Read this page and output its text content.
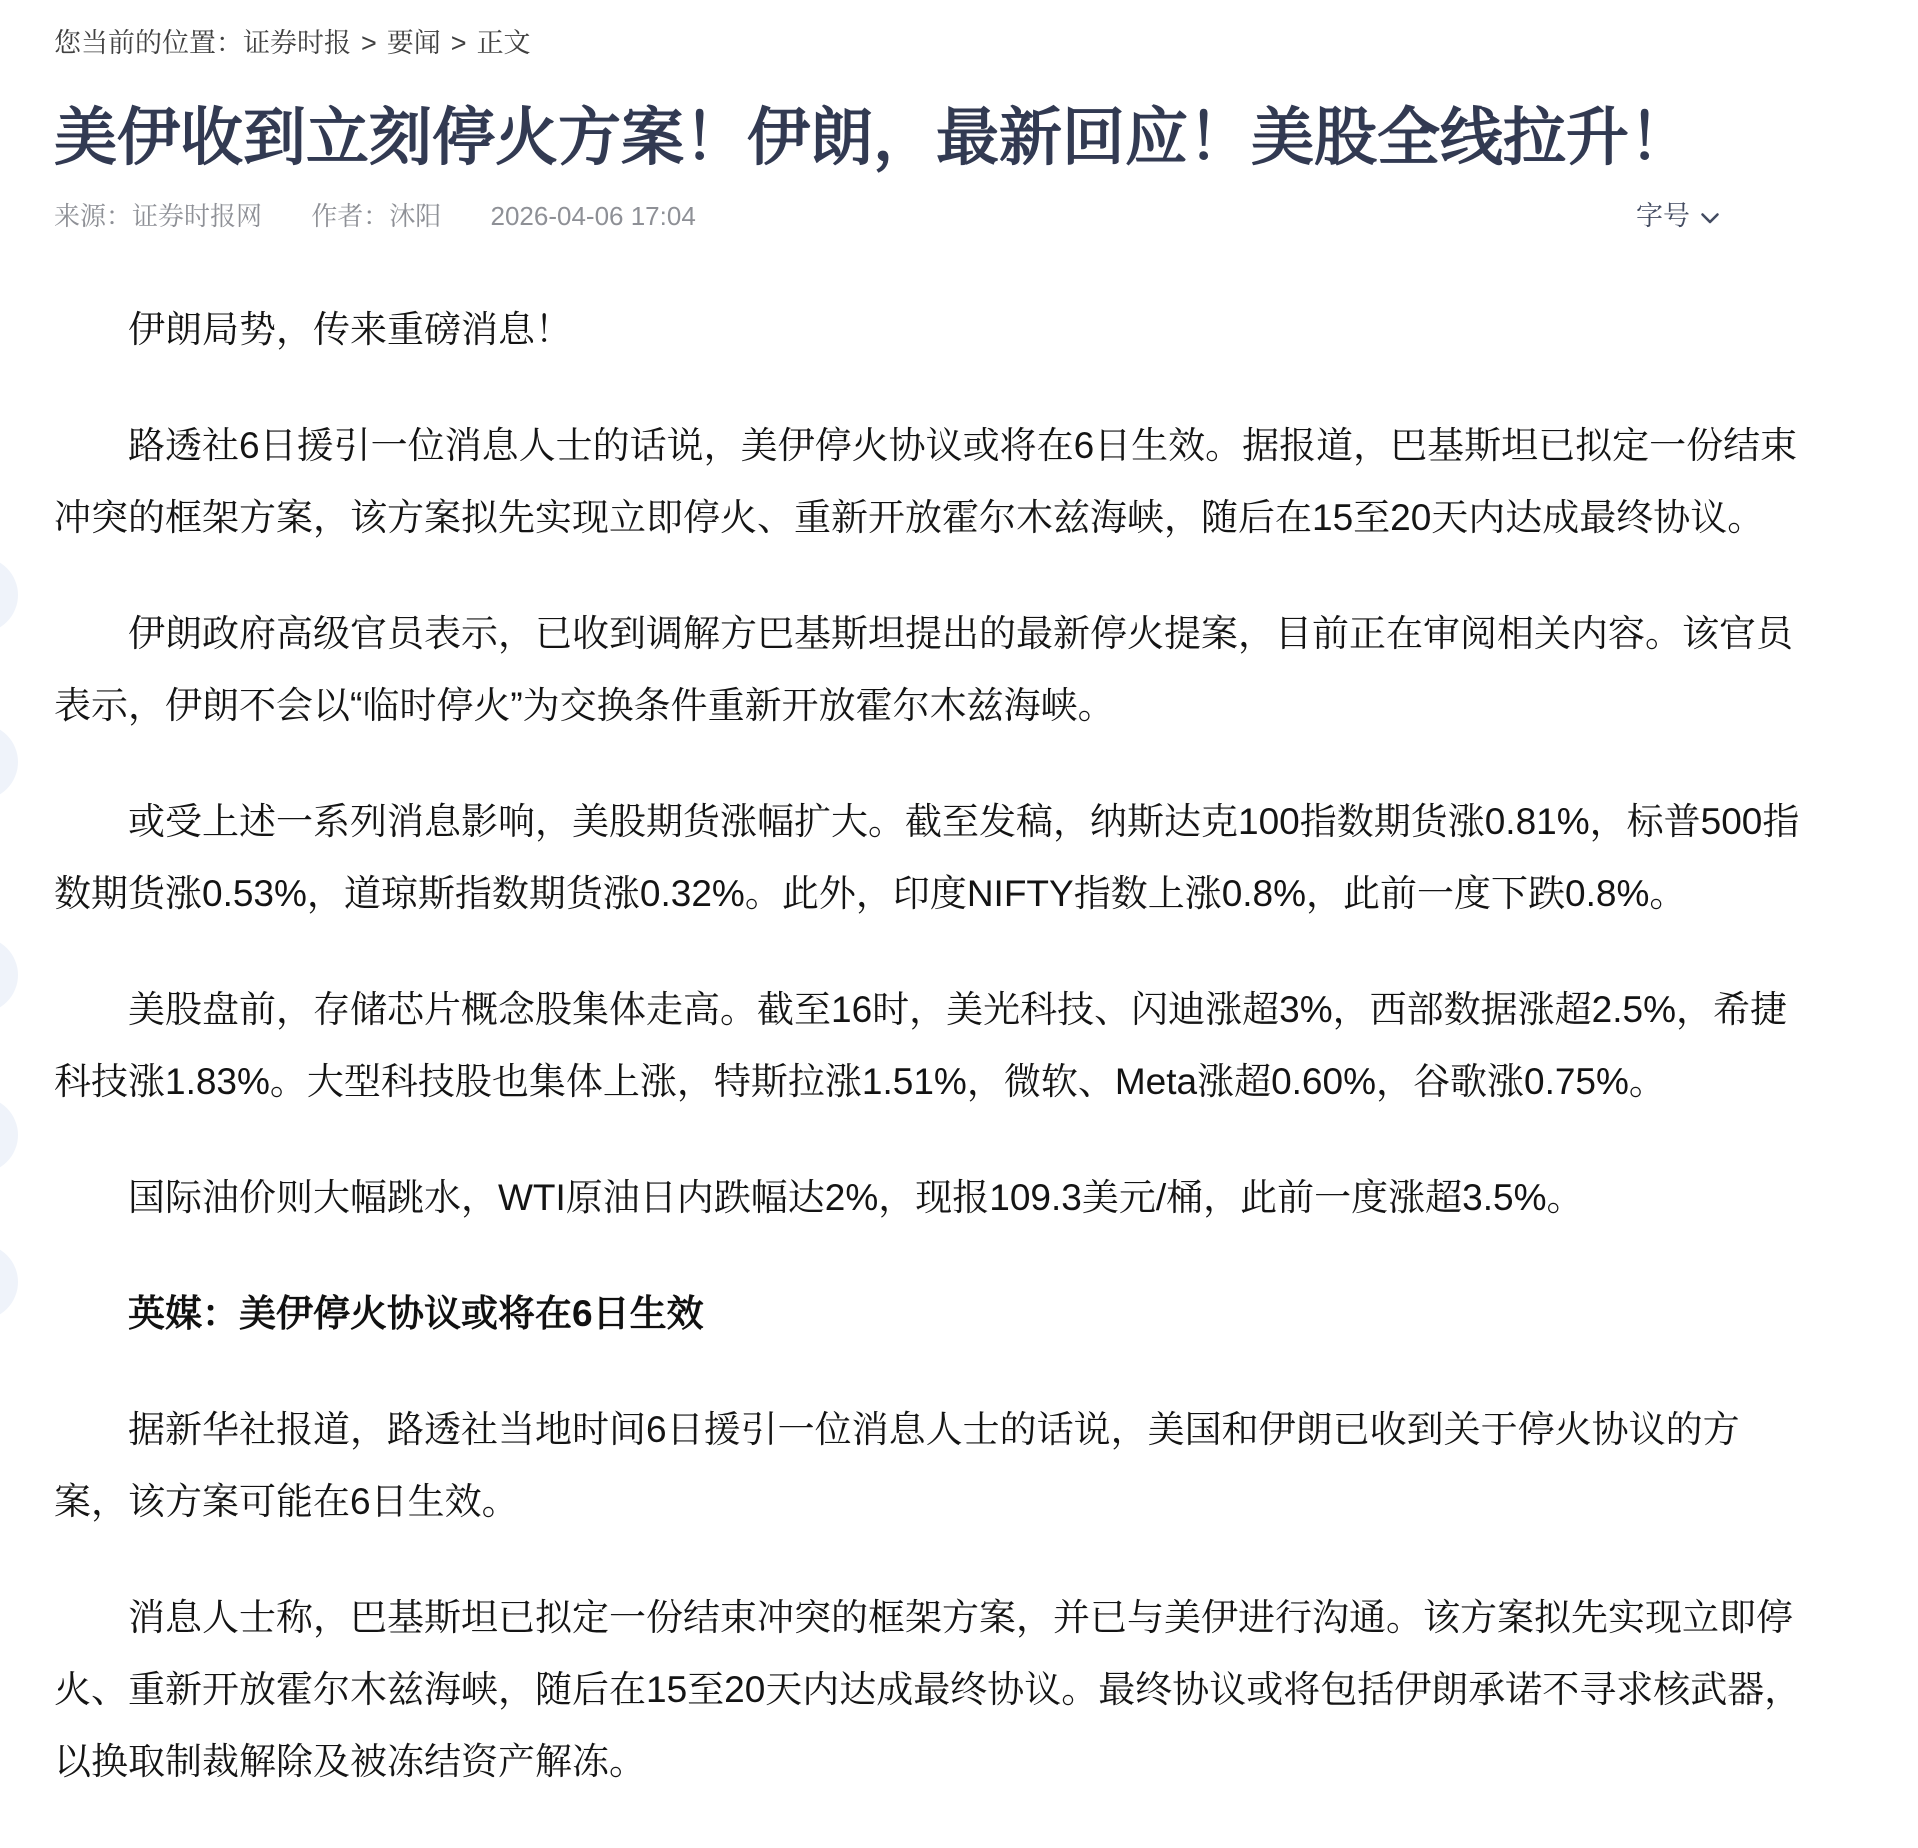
您当前的位置：证券时报 > 要闻 > 正文
美伊收到立刻停火方案！伊朗，最新回应！美股全线拉升！
来源：证券时报网 作者：沐阳 2026-04-06 17:04	字号

伊朗局势，传来重磅消息！

路透社6日援引一位消息人士的话说，美伊停火协议或将在6日生效。据报道，巴基斯坦已拟定一份结束冲突的框架方案，该方案拟先实现立即停火、重新开放霍尔木兹海峡，随后在15至20天内达成最终协议。

伊朗政府高级官员表示，已收到调解方巴基斯坦提出的最新停火提案，目前正在审阅相关内容。该官员表示，伊朗不会以“临时停火”为交换条件重新开放霍尔木兹海峡。

或受上述一系列消息影响，美股期货涨幅扩大。截至发稿，纳斯达克100指数期货涨0.81%，标普500指数期货涨0.53%，道琼斯指数期货涨0.32%。此外，印度NIFTY指数上涨0.8%，此前一度下跌0.8%。

美股盘前，存储芯片概念股集体走高。截至16时，美光科技、闪迪涨超3%，西部数据涨超2.5%，希捷科技涨1.83%。大型科技股也集体上涨，特斯拉涨1.51%，微软、Meta涨超0.60%，谷歌涨0.75%。

国际油价则大幅跳水，WTI原油日内跌幅达2%，现报109.3美元/桶，此前一度涨超3.5%。

英媒：美伊停火协议或将在6日生效

据新华社报道，路透社当地时间6日援引一位消息人士的话说，美国和伊朗已收到关于停火协议的方案，该方案可能在6日生效。

消息人士称，巴基斯坦已拟定一份结束冲突的框架方案，并已与美伊进行沟通。该方案拟先实现立即停火、重新开放霍尔木兹海峡，随后在15至20天内达成最终协议。最终协议或将包括伊朗承诺不寻求核武器，以换取制裁解除及被冻结资产解冻。
